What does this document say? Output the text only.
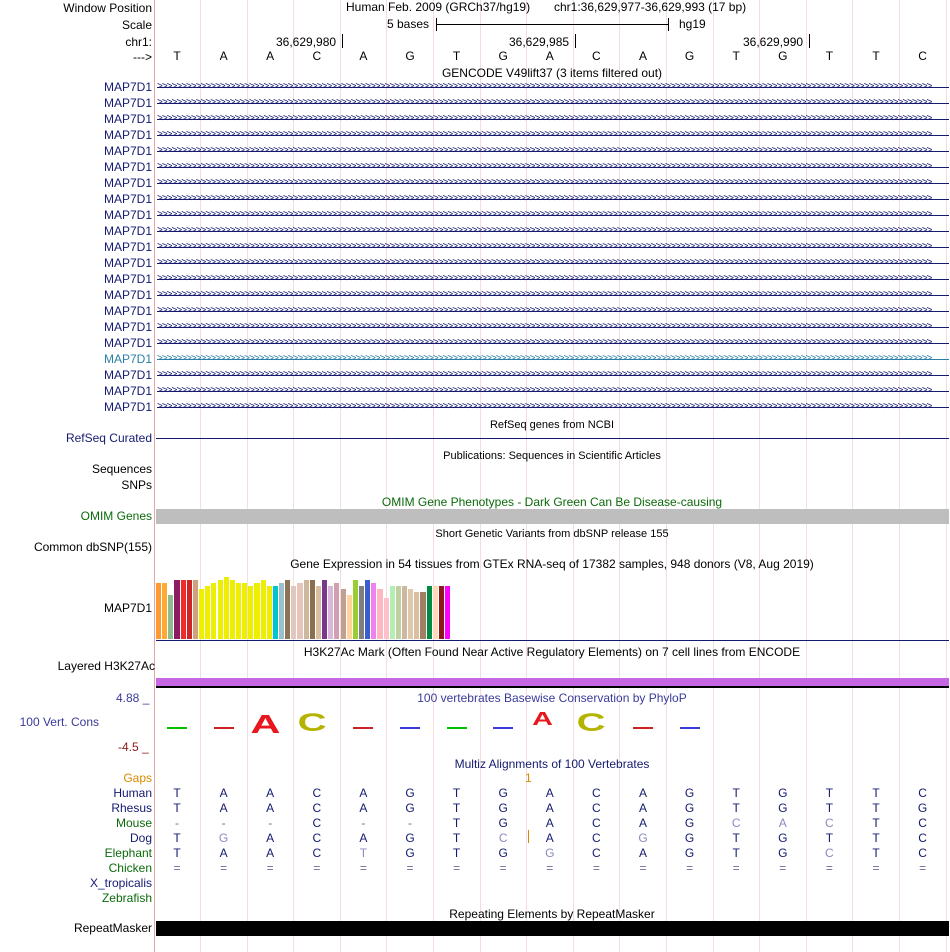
Window Position
Scale
chr1:
--->
Human Feb. 2009 (GRCh37/hg19) chr1:36,629,977-36,629,993 (17 bp)
5 bases	hg19
36,629,980	36,629,985	36,629,990
T	A	A	C	A	G	T	G	A	C	A	G	T	G	T	T	C
GENCODE V49lift37 (3 items filtered out)
MAP7D1 >>>>>>>>>>>>>>>>>>>>>>>>>>>>>>>>>>>>>>>>>>>>>>>>>>>>>>>>>>>>>>>>>>>>>>>>>>>>>>>>>>>>>>>>>>>>>>>>>>>>>>>>>>>>>>>>>>>>>>>>>>>>>>>>>>>>>>>>>>>>>>>>>>>>>>>>>>>>>>>>
MAP7D1 >>>>>>>>>>>>>>>>>>>>>>>>>>>>>>>>>>>>>>>>>>>>>>>>>>>>>>>>>>>>>>>>>>>>>>>>>>>>>>>>>>>>>>>>>>>>>>>>>>>>>>>>>>>>>>>>>>>>>>>>>>>>>>>>>>>>>>>>>>>>>>>>>>>>>>>>>>>>>>>>
MAP7D1 >>>>>>>>>>>>>>>>>>>>>>>>>>>>>>>>>>>>>>>>>>>>>>>>>>>>>>>>>>>>>>>>>>>>>>>>>>>>>>>>>>>>>>>>>>>>>>>>>>>>>>>>>>>>>>>>>>>>>>>>>>>>>>>>>>>>>>>>>>>>>>>>>>>>>>>>>>>>>>>>
MAP7D1 >>>>>>>>>>>>>>>>>>>>>>>>>>>>>>>>>>>>>>>>>>>>>>>>>>>>>>>>>>>>>>>>>>>>>>>>>>>>>>>>>>>>>>>>>>>>>>>>>>>>>>>>>>>>>>>>>>>>>>>>>>>>>>>>>>>>>>>>>>>>>>>>>>>>>>>>>>>>>>>>
MAP7D1 >>>>>>>>>>>>>>>>>>>>>>>>>>>>>>>>>>>>>>>>>>>>>>>>>>>>>>>>>>>>>>>>>>>>>>>>>>>>>>>>>>>>>>>>>>>>>>>>>>>>>>>>>>>>>>>>>>>>>>>>>>>>>>>>>>>>>>>>>>>>>>>>>>>>>>>>>>>>>>>>
MAP7D1 >>>>>>>>>>>>>>>>>>>>>>>>>>>>>>>>>>>>>>>>>>>>>>>>>>>>>>>>>>>>>>>>>>>>>>>>>>>>>>>>>>>>>>>>>>>>>>>>>>>>>>>>>>>>>>>>>>>>>>>>>>>>>>>>>>>>>>>>>>>>>>>>>>>>>>>>>>>>>>>>
MAP7D1 >>>>>>>>>>>>>>>>>>>>>>>>>>>>>>>>>>>>>>>>>>>>>>>>>>>>>>>>>>>>>>>>>>>>>>>>>>>>>>>>>>>>>>>>>>>>>>>>>>>>>>>>>>>>>>>>>>>>>>>>>>>>>>>>>>>>>>>>>>>>>>>>>>>>>>>>>>>>>>>>
MAP7D1 >>>>>>>>>>>>>>>>>>>>>>>>>>>>>>>>>>>>>>>>>>>>>>>>>>>>>>>>>>>>>>>>>>>>>>>>>>>>>>>>>>>>>>>>>>>>>>>>>>>>>>>>>>>>>>>>>>>>>>>>>>>>>>>>>>>>>>>>>>>>>>>>>>>>>>>>>>>>>>>>
MAP7D1 >>>>>>>>>>>>>>>>>>>>>>>>>>>>>>>>>>>>>>>>>>>>>>>>>>>>>>>>>>>>>>>>>>>>>>>>>>>>>>>>>>>>>>>>>>>>>>>>>>>>>>>>>>>>>>>>>>>>>>>>>>>>>>>>>>>>>>>>>>>>>>>>>>>>>>>>>>>>>>>>
MAP7D1 >>>>>>>>>>>>>>>>>>>>>>>>>>>>>>>>>>>>>>>>>>>>>>>>>>>>>>>>>>>>>>>>>>>>>>>>>>>>>>>>>>>>>>>>>>>>>>>>>>>>>>>>>>>>>>>>>>>>>>>>>>>>>>>>>>>>>>>>>>>>>>>>>>>>>>>>>>>>>>>>
MAP7D1 >>>>>>>>>>>>>>>>>>>>>>>>>>>>>>>>>>>>>>>>>>>>>>>>>>>>>>>>>>>>>>>>>>>>>>>>>>>>>>>>>>>>>>>>>>>>>>>>>>>>>>>>>>>>>>>>>>>>>>>>>>>>>>>>>>>>>>>>>>>>>>>>>>>>>>>>>>>>>>>>
MAP7D1 >>>>>>>>>>>>>>>>>>>>>>>>>>>>>>>>>>>>>>>>>>>>>>>>>>>>>>>>>>>>>>>>>>>>>>>>>>>>>>>>>>>>>>>>>>>>>>>>>>>>>>>>>>>>>>>>>>>>>>>>>>>>>>>>>>>>>>>>>>>>>>>>>>>>>>>>>>>>>>>>
MAP7D1 >>>>>>>>>>>>>>>>>>>>>>>>>>>>>>>>>>>>>>>>>>>>>>>>>>>>>>>>>>>>>>>>>>>>>>>>>>>>>>>>>>>>>>>>>>>>>>>>>>>>>>>>>>>>>>>>>>>>>>>>>>>>>>>>>>>>>>>>>>>>>>>>>>>>>>>>>>>>>>>>
MAP7D1 >>>>>>>>>>>>>>>>>>>>>>>>>>>>>>>>>>>>>>>>>>>>>>>>>>>>>>>>>>>>>>>>>>>>>>>>>>>>>>>>>>>>>>>>>>>>>>>>>>>>>>>>>>>>>>>>>>>>>>>>>>>>>>>>>>>>>>>>>>>>>>>>>>>>>>>>>>>>>>>>
MAP7D1 >>>>>>>>>>>>>>>>>>>>>>>>>>>>>>>>>>>>>>>>>>>>>>>>>>>>>>>>>>>>>>>>>>>>>>>>>>>>>>>>>>>>>>>>>>>>>>>>>>>>>>>>>>>>>>>>>>>>>>>>>>>>>>>>>>>>>>>>>>>>>>>>>>>>>>>>>>>>>>>>
MAP7D1 >>>>>>>>>>>>>>>>>>>>>>>>>>>>>>>>>>>>>>>>>>>>>>>>>>>>>>>>>>>>>>>>>>>>>>>>>>>>>>>>>>>>>>>>>>>>>>>>>>>>>>>>>>>>>>>>>>>>>>>>>>>>>>>>>>>>>>>>>>>>>>>>>>>>>>>>>>>>>>>>
MAP7D1 >>>>>>>>>>>>>>>>>>>>>>>>>>>>>>>>>>>>>>>>>>>>>>>>>>>>>>>>>>>>>>>>>>>>>>>>>>>>>>>>>>>>>>>>>>>>>>>>>>>>>>>>>>>>>>>>>>>>>>>>>>>>>>>>>>>>>>>>>>>>>>>>>>>>>>>>>>>>>>>>
MAP7D1 >>>>>>>>>>>>>>>>>>>>>>>>>>>>>>>>>>>>>>>>>>>>>>>>>>>>>>>>>>>>>>>>>>>>>>>>>>>>>>>>>>>>>>>>>>>>>>>>>>>>>>>>>>>>>>>>>>>>>>>>>>>>>>>>>>>>>>>>>>>>>>>>>>>>>>>>>>>>>>>>
MAP7D1 >>>>>>>>>>>>>>>>>>>>>>>>>>>>>>>>>>>>>>>>>>>>>>>>>>>>>>>>>>>>>>>>>>>>>>>>>>>>>>>>>>>>>>>>>>>>>>>>>>>>>>>>>>>>>>>>>>>>>>>>>>>>>>>>>>>>>>>>>>>>>>>>>>>>>>>>>>>>>>>>
MAP7D1 >>>>>>>>>>>>>>>>>>>>>>>>>>>>>>>>>>>>>>>>>>>>>>>>>>>>>>>>>>>>>>>>>>>>>>>>>>>>>>>>>>>>>>>>>>>>>>>>>>>>>>>>>>>>>>>>>>>>>>>>>>>>>>>>>>>>>>>>>>>>>>>>>>>>>>>>>>>>>>>>
MAP7D1 >>>>>>>>>>>>>>>>>>>>>>>>>>>>>>>>>>>>>>>>>>>>>>>>>>>>>>>>>>>>>>>>>>>>>>>>>>>>>>>>>>>>>>>>>>>>>>>>>>>>>>>>>>>>>>>>>>>>>>>>>>>>>>>>>>>>>>>>>>>>>>>>>>>>>>>>>>>>>>>>
RefSeq genes from NCBI
RefSeq Curated
Publications: Sequences in Scientific Articles
Sequences
SNPs
OMIM Gene Phenotypes - Dark Green Can Be Disease-causing
OMIM Genes
Short Genetic Variants from dbSNP release 155
Common dbSNP(155)
Gene Expression in 54 tissues from GTEx RNA-seq of 17382 samples, 948 donors (V8, Aug 2019)
MAP7D1
H3K27Ac Mark (Often Found Near Active Regulatory Elements) on 7 cell lines from ENCODE
Layered H3K27Ac
100 vertebrates Basewise Conservation by PhyloP
4.88 _
100 Vert. Cons
-4.5 _
A C	A C
Multiz Alignments of 100 Vertebrates
Gaps	1
Human	T	A	A	C	A	G	T	G	A	C	A	G	T	G	T	T	C
Rhesus	T	A	A	C	A	G	T	G	A	C	A	G	T	G	T	T	G
Mouse	-	-	-	C	-	-	T	G	A	C	A	G	C	A	C	T	C
Dog	T	G	A	C	A	G	T	C	A	C	G	G	T	G	T	T	C
Elephant	T	A	A	C	T	G	T	G	G	C	A	G	T	G	C	T	C
Chicken	=	=	=	=	=	=	=	=	=	=	=	=	=	=	=	=	=
X_tropicalis
Zebrafish
Repeating Elements by RepeatMasker
RepeatMasker
